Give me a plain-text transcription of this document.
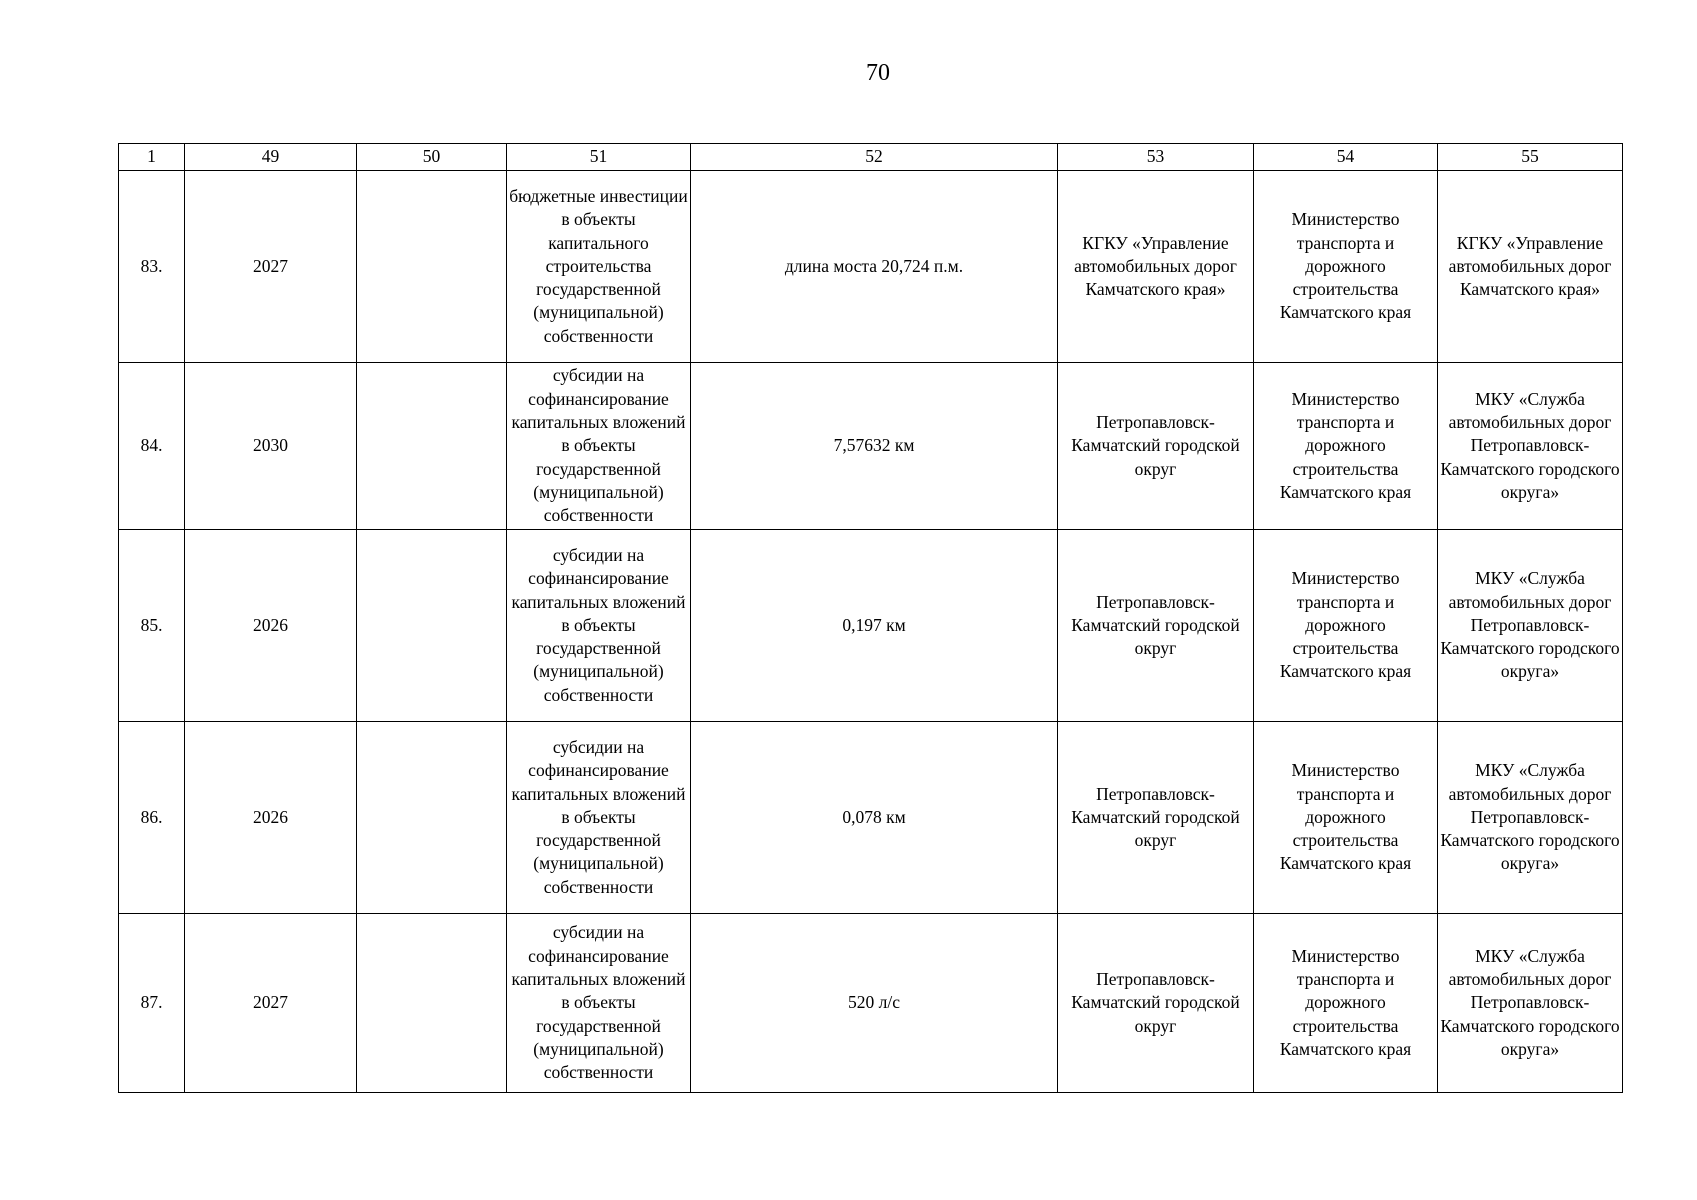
70
1	49	50	51	52	53	54	55
83.	2027		бюджетные инвестиции в объекты капитального строительства государственной (муниципальной) собственности	длина моста 20,724 п.м.	КГКУ «Управление автомобильных дорог Камчатского края»	Министерство транспорта и дорожного строительства Камчатского края	КГКУ «Управление автомобильных дорог Камчатского края»
84.	2030		субсидии на софинансирование капитальных вложений в объекты государственной (муниципальной) собственности	7,57632 км	Петропавловск-Камчатский городской округ	Министерство транспорта и дорожного строительства Камчатского края	МКУ «Служба автомобильных дорог Петропавловск-Камчатского городского округа»
85.	2026		субсидии на софинансирование капитальных вложений в объекты государственной (муниципальной) собственности	0,197 км	Петропавловск-Камчатский городской округ	Министерство транспорта и дорожного строительства Камчатского края	МКУ «Служба автомобильных дорог Петропавловск-Камчатского городского округа»
86.	2026		субсидии на софинансирование капитальных вложений в объекты государственной (муниципальной) собственности	0,078 км	Петропавловск-Камчатский городской округ	Министерство транспорта и дорожного строительства Камчатского края	МКУ «Служба автомобильных дорог Петропавловск-Камчатского городского округа»
87.	2027		субсидии на софинансирование капитальных вложений в объекты государственной (муниципальной) собственности	520 л/с	Петропавловск-Камчатский городской округ	Министерство транспорта и дорожного строительства Камчатского края	МКУ «Служба автомобильных дорог Петропавловск-Камчатского городского округа»
